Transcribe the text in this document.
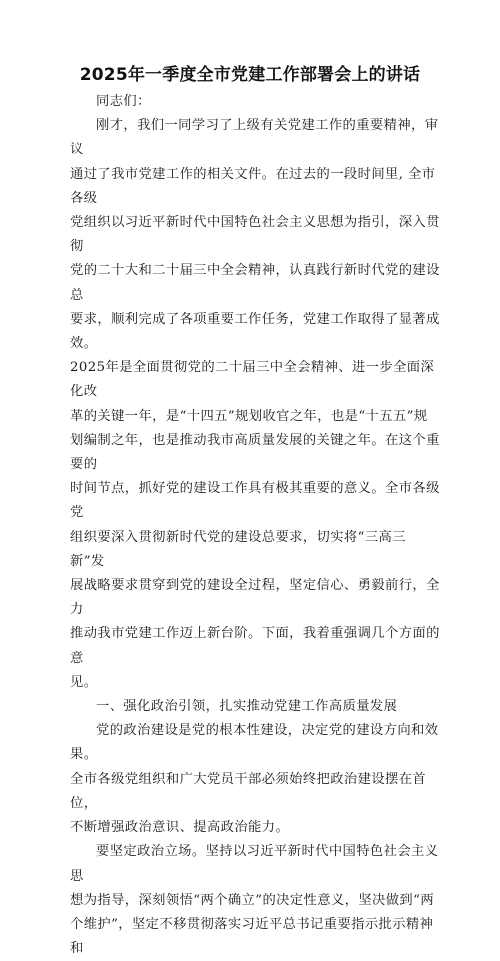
2025年一季度全市党建工作部署会上的讲话

同志们：

刚才，我们一同学习了上级有关党建工作的重要精神，审议
通过了我市党建工作的相关文件。在过去的一段时间里, 全市各级
党组织以习近平新时代中国特色社会主义思想为指引，深入贯彻
党的二十大和二十届三中全会精神，认真践行新时代党的建设总
要求，顺利完成了各项重要工作任务，党建工作取得了显著成效。
2025年是全面贯彻党的二十届三中全会精神、进一步全面深化改
革的关键一年，是“十四五”规划收官之年，也是“十五五”规
划编制之年，也是推动我市高质量发展的关键之年。在这个重要的
时间节点，抓好党的建设工作具有极其重要的意义。全市各级党
组织要深入贯彻新时代党的建设总要求，切实将“三高三新”发
展战略要求贯穿到党的建设全过程，坚定信心、勇毅前行，全力
推动我市党建工作迈上新台阶。下面，我着重强调几个方面的意
见。

一、强化政治引领，扎实推动党建工作高质量发展

党的政治建设是党的根本性建设，决定党的建设方向和效果。
全市各级党组织和广大党员干部必须始终把政治建设摆在首位，
不断增强政治意识、提高政治能力。

要坚定政治立场。坚持以习近平新时代中国特色社会主义思
想为指导，深刻领悟“两个确立”的决定性意义，坚决做到“两
个维护”，坚定不移贯彻落实习近平总书记重要指示批示精神和
